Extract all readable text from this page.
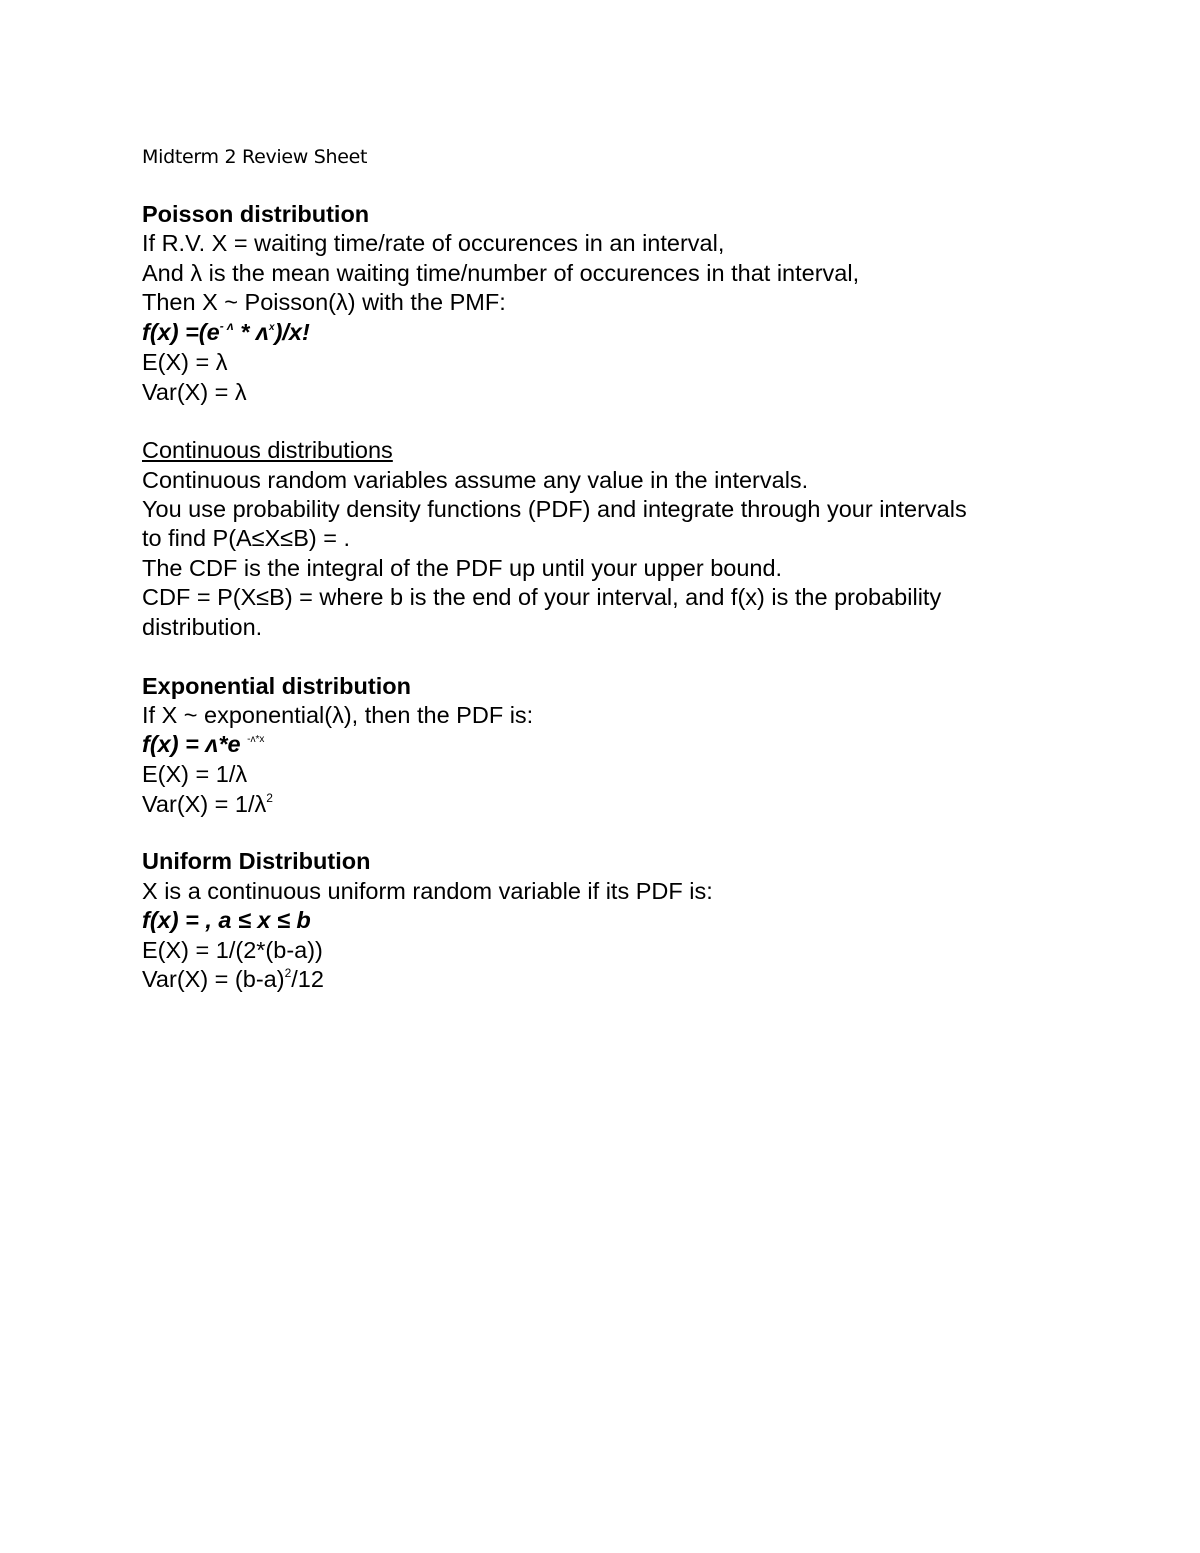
Midterm 2 Review Sheet
Poisson distribution
If R.V. X = waiting time/rate of occurences in an interval,
And λ is the mean waiting time/number of occurences in that interval,
Then X ~ Poisson(λ) with the PMF:
$f(x) =(e^{- ʌ}$ * ʌ$^x$)/x!
E(X) = λ
Var(X) = λ
Continuous distributions
Continuous random variables assume any value in the intervals.
You use probability density functions (PDF) and integrate through your intervals
to find P(A≤X≤B) = .
The CDF is the integral of the PDF up until your upper bound.
CDF = P(X≤B) = where b is the end of your interval, and f(x) is the probability
distribution.
Exponential distribution
If X ~ exponential(λ), then the PDF is:
f(x) = ʌ*e $^{-ʌ*x}$
E(X) = 1/λ
$Var(X) = 1/\lambda^2$
Uniform Distribution
X is a continuous uniform random variable if its PDF is:
f(x) = , a ≤ x ≤ b
E(X) = 1/(2*(b-a))
$Var(X) = (b-a)^2/12$
